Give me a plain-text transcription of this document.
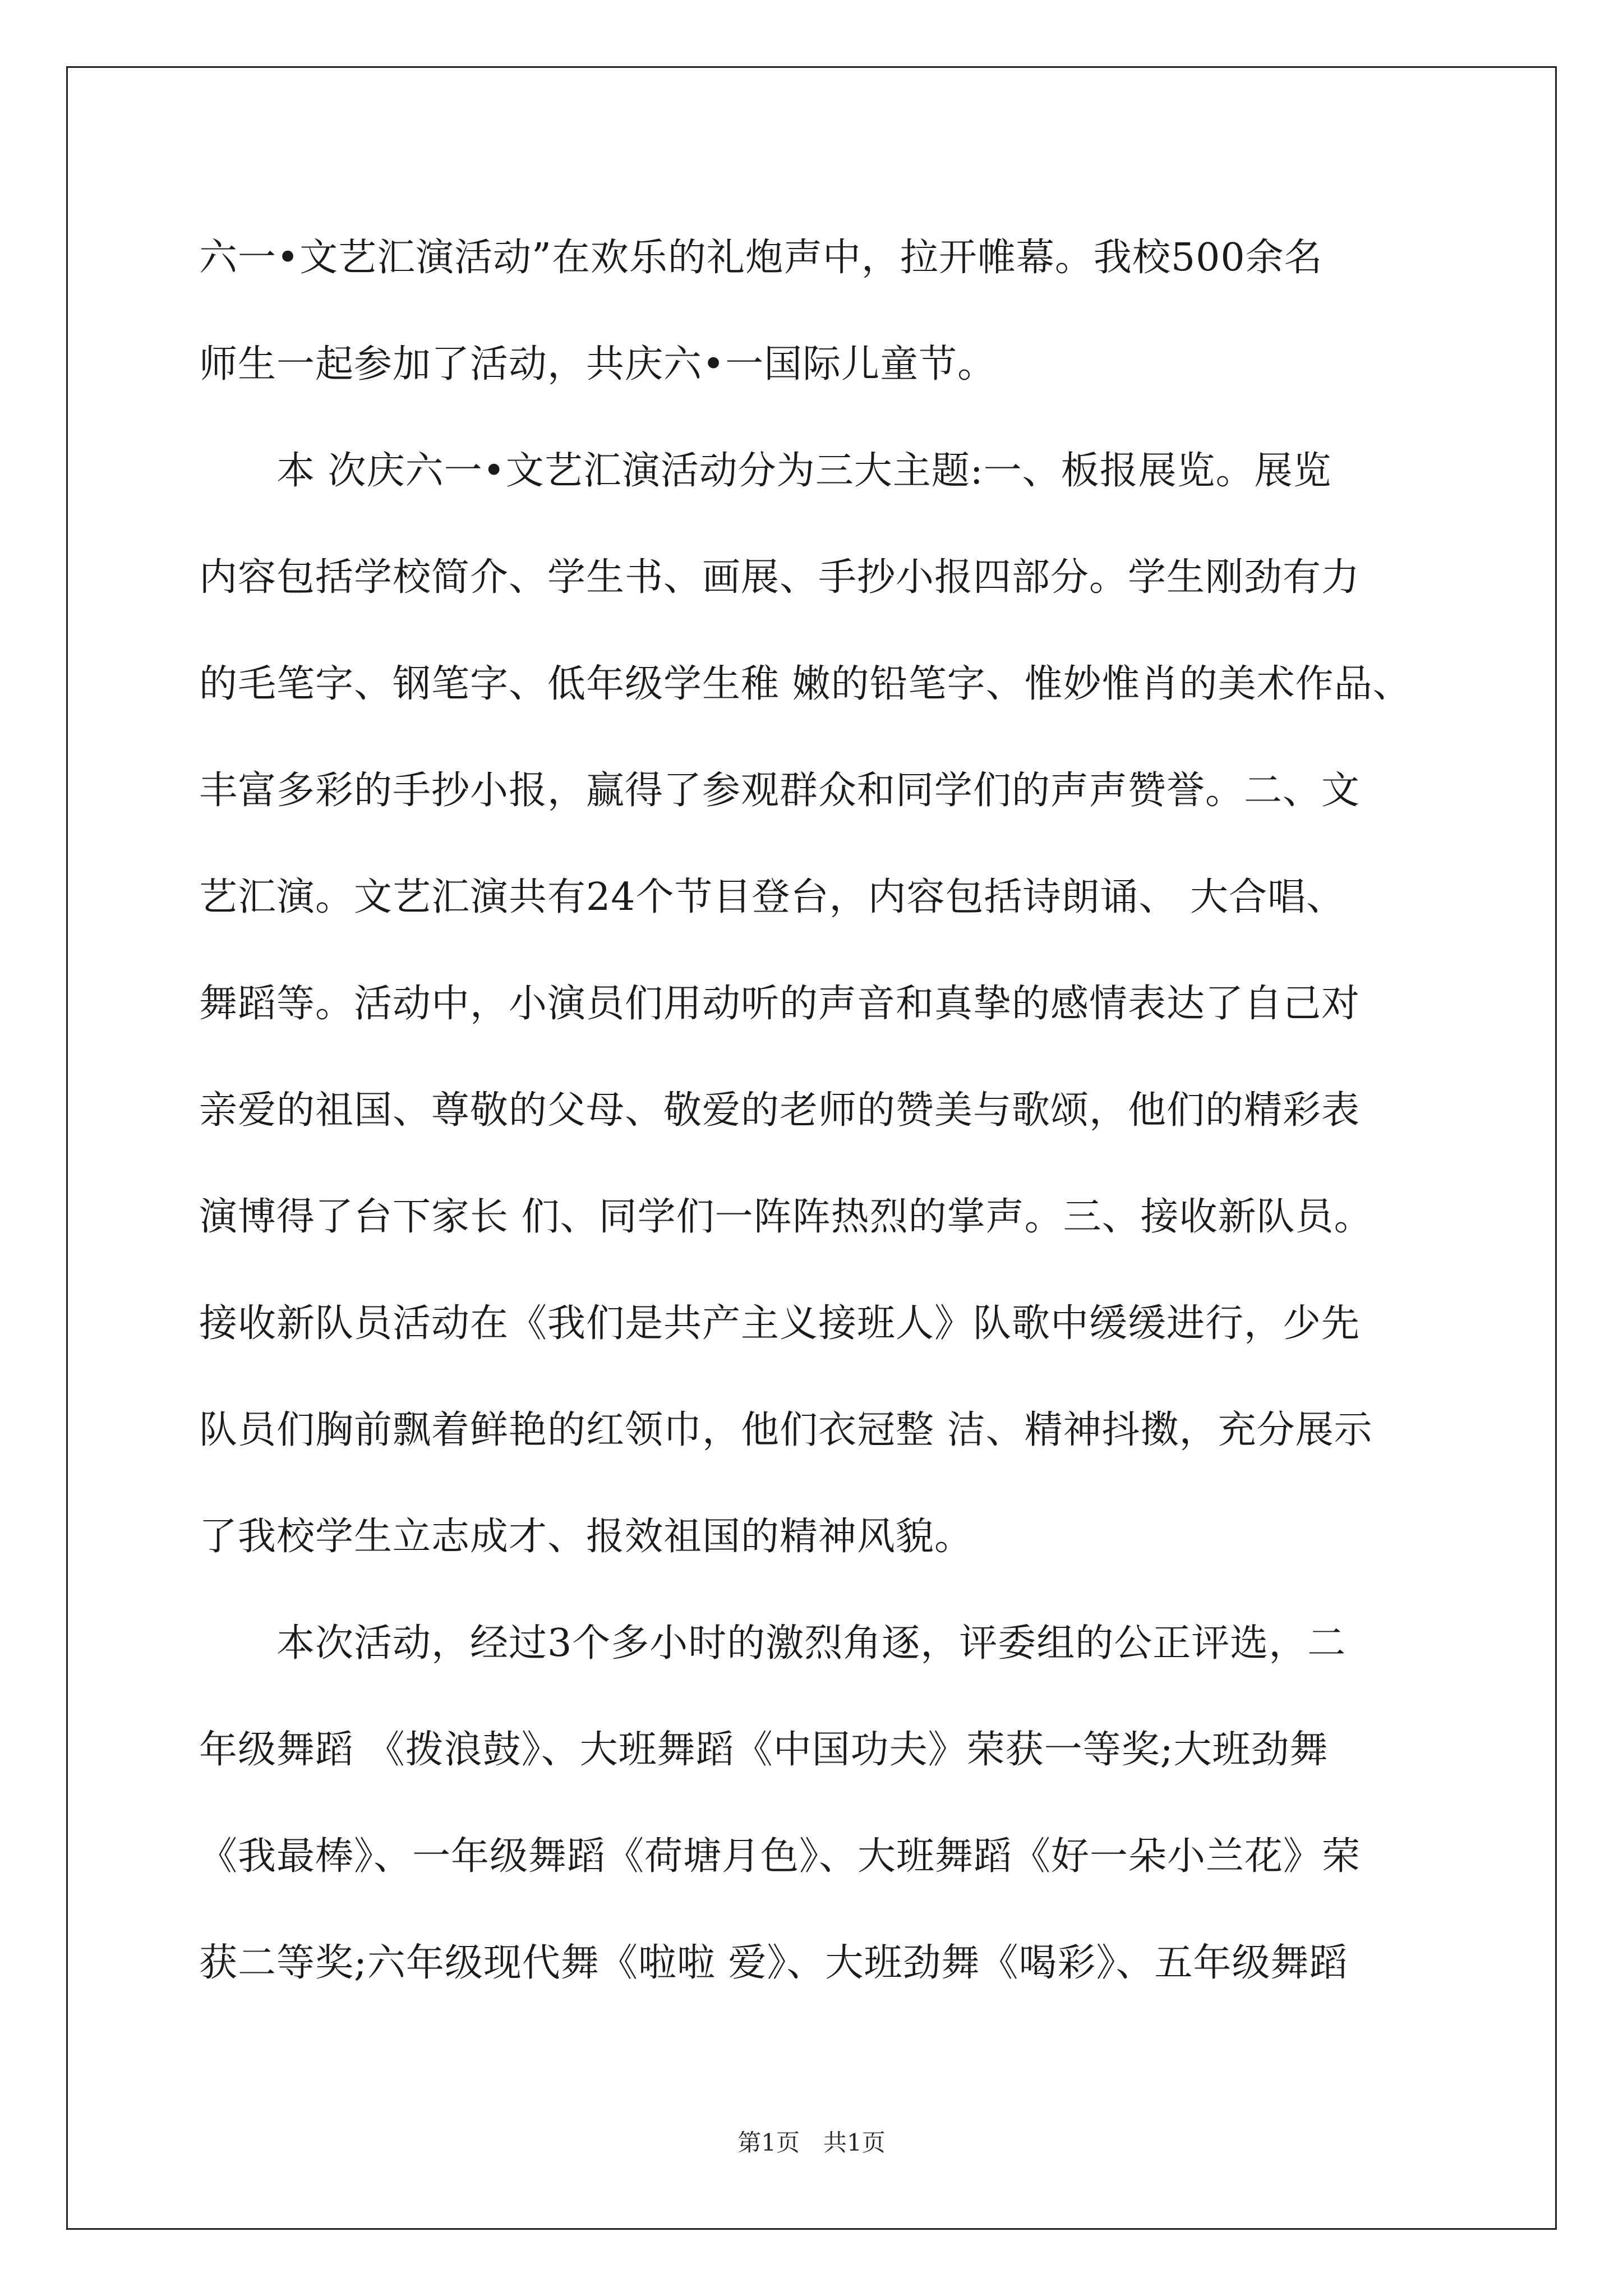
六一•文艺汇演活动”在欢乐的礼炮声中，拉开帷幕。我校500余名
师生一起参加了活动，共庆六•一国际儿童节。
　　本 次庆六一•文艺汇演活动分为三大主题:一、板报展览。展览
内容包括学校简介、学生书、画展、手抄小报四部分。学生刚劲有力
的毛笔字、钢笔字、低年级学生稚 嫩的铅笔字、惟妙惟肖的美术作品、
丰富多彩的手抄小报，赢得了参观群众和同学们的声声赞誉。二、文
艺汇演。文艺汇演共有24个节目登台，内容包括诗朗诵、 大合唱、
舞蹈等。活动中，小演员们用动听的声音和真挚的感情表达了自己对
亲爱的祖国、尊敬的父母、敬爱的老师的赞美与歌颂，他们的精彩表
演博得了台下家长 们、同学们一阵阵热烈的掌声。三、接收新队员。
接收新队员活动在《我们是共产主义接班人》队歌中缓缓进行，少先
队员们胸前飘着鲜艳的红领巾，他们衣冠整 洁、精神抖擞，充分展示
了我校学生立志成才、报效祖国的精神风貌。
　　本次活动，经过3个多小时的激烈角逐，评委组的公正评选，二
年级舞蹈 《拨浪鼓》、大班舞蹈《中国功夫》荣获一等奖;大班劲舞
《我最棒》、一年级舞蹈《荷塘月色》、大班舞蹈《好一朵小兰花》荣
获二等奖;六年级现代舞《啦啦 爱》、大班劲舞《喝彩》、五年级舞蹈
第1页　共1页
